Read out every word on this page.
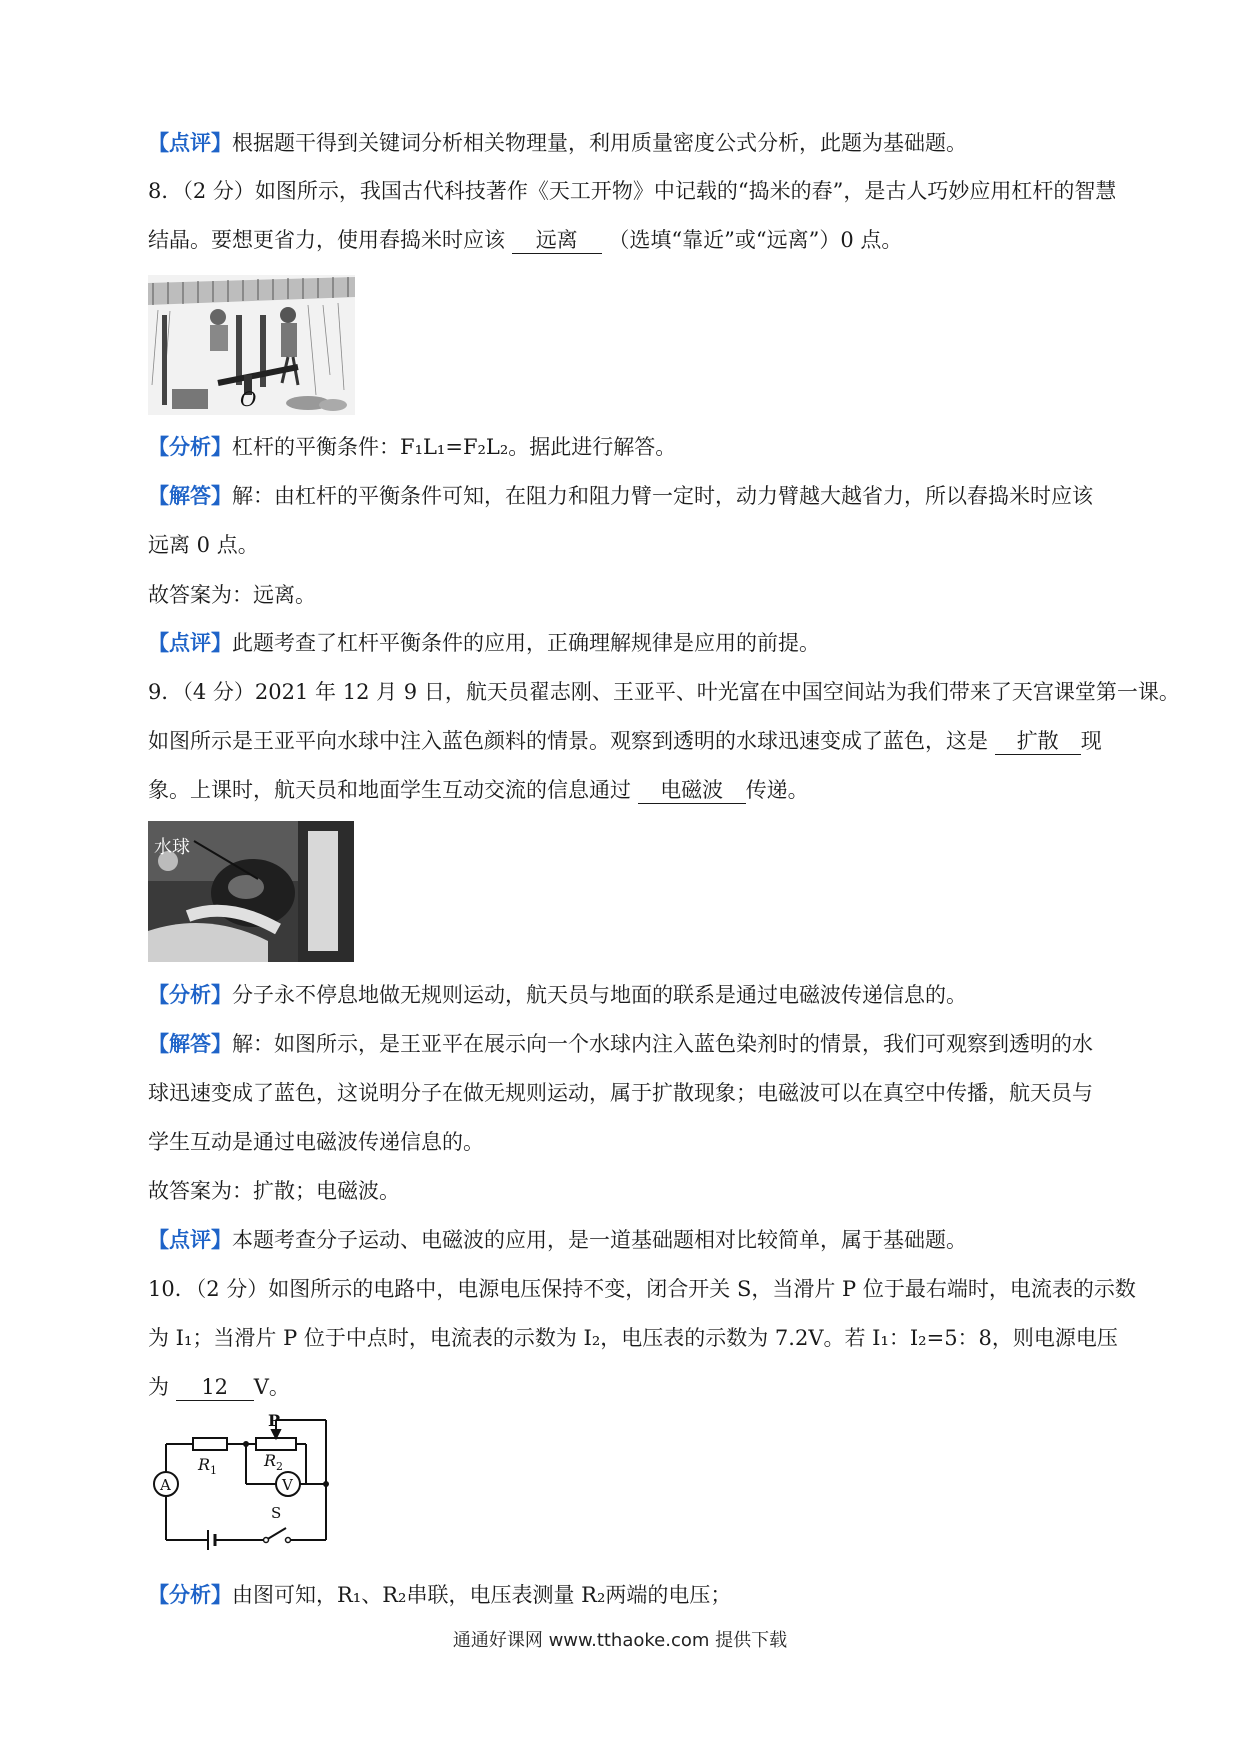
【点评】根据题干得到关键词分析相关物理量，利用质量密度公式分析，此题为基础题。
8．（2 分）如图所示，我国古代科技著作《天工开物》中记载的“捣米的舂”，是古人巧妙应用杠杆的智慧
结晶。要想更省力，使用舂捣米时应该 远离 （选填“靠近”或“远离”）0 点。
O
【分析】杠杆的平衡条件：F₁L₁=F₂L₂。据此进行解答。
【解答】解：由杠杆的平衡条件可知，在阻力和阻力臂一定时，动力臂越大越省力，所以舂捣米时应该
远离 0 点。
故答案为：远离。
【点评】此题考查了杠杆平衡条件的应用，正确理解规律是应用的前提。
9．（4 分）2021 年 12 月 9 日，航天员翟志刚、王亚平、叶光富在中国空间站为我们带来了天宫课堂第一课。
如图所示是王亚平向水球中注入蓝色颜料的情景。观察到透明的水球迅速变成了蓝色，这是 扩散 现
象。上课时，航天员和地面学生互动交流的信息通过 电磁波 传递。
水球
【分析】分子永不停息地做无规则运动，航天员与地面的联系是通过电磁波传递信息的。
【解答】解：如图所示，是王亚平在展示向一个水球内注入蓝色染剂时的情景，我们可观察到透明的水
球迅速变成了蓝色，这说明分子在做无规则运动，属于扩散现象；电磁波可以在真空中传播，航天员与
学生互动是通过电磁波传递信息的。
故答案为：扩散；电磁波。
【点评】本题考查分子运动、电磁波的应用，是一道基础题相对比较简单，属于基础题。
10．（2 分）如图所示的电路中，电源电压保持不变，闭合开关 S，当滑片 P 位于最右端时，电流表的示数
为 I₁；当滑片 P 位于中点时，电流表的示数为 I₂，电压表的示数为 7.2V。若 I₁：I₂=5：8，则电源电压
为 12 V。
P
R 1
R 2
A	V
S
【分析】由图可知，R₁、R₂串联，电压表测量 R₂两端的电压；
通通好课网 www.tthaoke.com 提供下载
